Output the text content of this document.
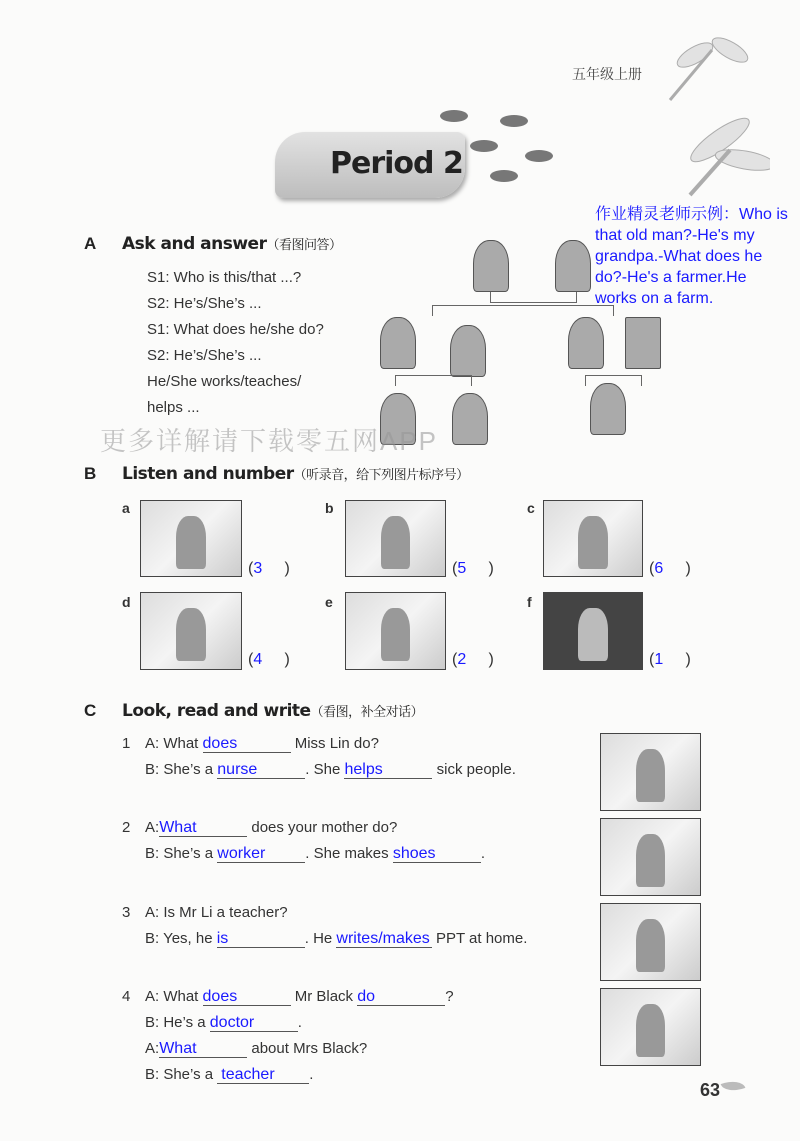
五年级上册
Period 2
作业精灵老师示例：Who is that old man?-He's my grandpa.-What does he do?-He's a farmer.He works on a farm.
A Ask and answer（看图问答）
S1: Who is this/that ...?
S2: He’s/She’s ...
S1: What does he/she do?
S2: He’s/She’s ...
He/She works/teaches/
helps ...
更多详解请下载零五网APP
B Listen and number（听录音，给下列图片标序号）
a
(3     )
b
(5     )
c
(6     )
d
(4     )
e
(2     )
f
(1     )
C Look, read and write（看图，补全对话）
1 A: What does	Miss Lin do?
B: She’s a nurse	. She helps	sick people.
2 A:What	does your mother do?
B: She’s a worker	. She makes shoes	.
3 A: Is Mr Li a teacher?
B: Yes, he is	. He writes/makes PPT at home.
4 A: What does	Mr Black do	?
B: He’s a doctor	.
A:What	about Mrs Black?
B: She’s a teacher .
63
